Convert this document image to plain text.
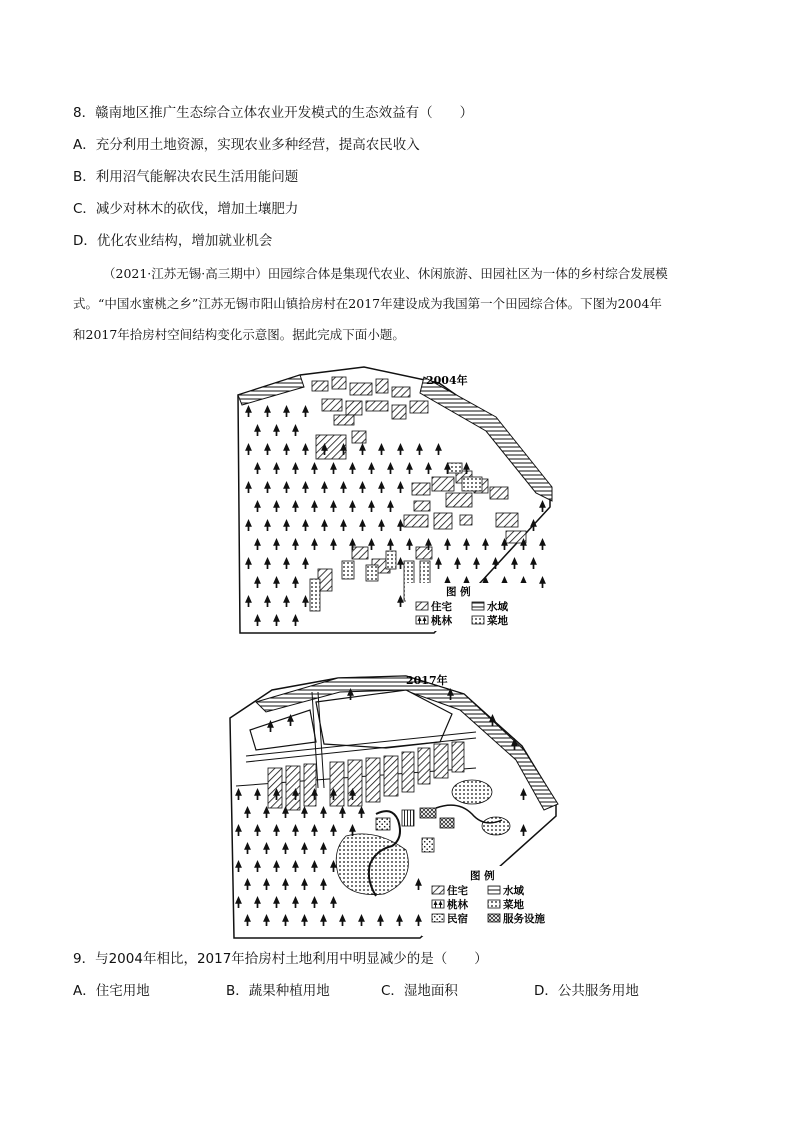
8．赣南地区推广生态综合立体农业开发模式的生态效益有（　　）
A．充分利用土地资源，实现农业多种经营，提高农民收入
B．利用沼气能解决农民生活用能问题
C．减少对林木的砍伐，增加土壤肥力
D．优化农业结构，增加就业机会
（2021·江苏无锡·高三期中）田园综合体是集现代农业、休闲旅游、田园社区为一体的乡村综合发展模
式。“中国水蜜桃之乡”江苏无锡市阳山镇拾房村在2017年建设成为我国第一个田园综合体。下图为2004年
和2017年拾房村空间结构变化示意图。据此完成下面小题。
2004年
图 例
住宅	水域
桃林	菜地
2017年
图 例
住宅	水域
桃林	菜地
民宿	服务设施
9．与2004年相比，2017年拾房村土地利用中明显减少的是（　　）
A．住宅用地	B．蔬果种植用地	C．湿地面积	D．公共服务用地
